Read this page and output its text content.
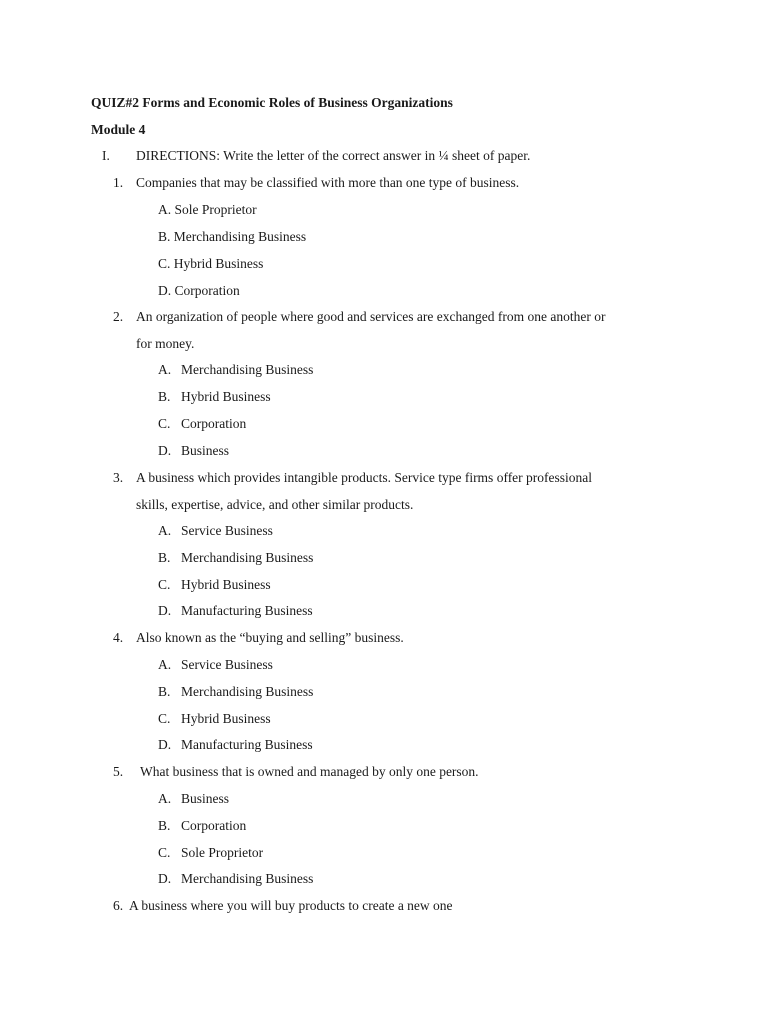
QUIZ#2 Forms and Economic Roles of Business Organizations
Module 4
I. DIRECTIONS: Write the letter of the correct answer in ¼ sheet of paper.
1. Companies that may be classified with more than one type of business.
A. Sole Proprietor
B. Merchandising Business
C. Hybrid Business
D. Corporation
2. An organization of people where good and services are exchanged from one another or
for money.
A. Merchandising Business
B. Hybrid Business
C. Corporation
D. Business
3. A business which provides intangible products. Service type firms offer professional
skills, expertise, advice, and other similar products.
A. Service Business
B. Merchandising Business
C. Hybrid Business
D. Manufacturing Business
4. Also known as the “buying and selling” business.
A. Service Business
B. Merchandising Business
C. Hybrid Business
D. Manufacturing Business
5. What business that is owned and managed by only one person.
A. Business
B. Corporation
C. Sole Proprietor
D. Merchandising Business
6. A business where you will buy products to create a new one
